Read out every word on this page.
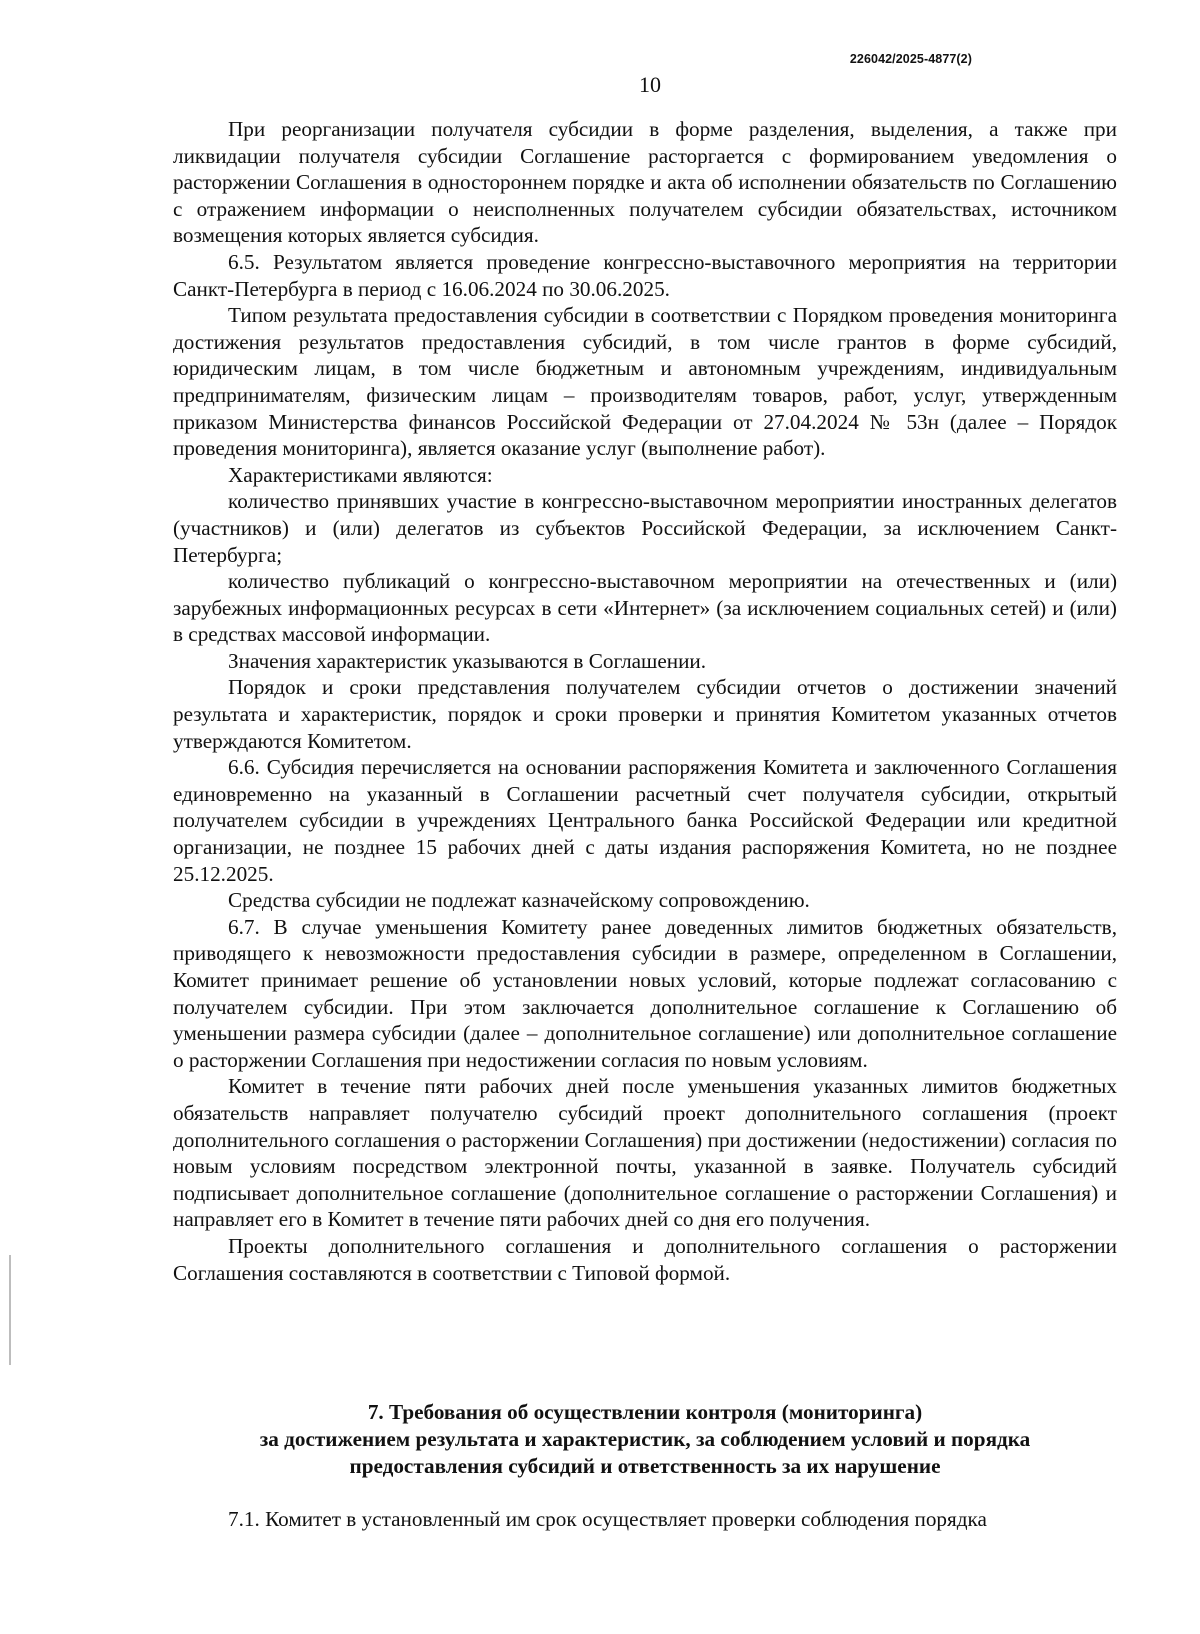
226042/2025-4877(2)
10

При реорганизации получателя субсидии в форме разделения, выделения, а также при ликвидации получателя субсидии Соглашение расторгается с формированием уведомления о расторжении Соглашения в одностороннем порядке и акта об исполнении обязательств по Соглашению с отражением информации о неисполненных получателем субсидии обязательствах, источником возмещения которых является субсидия.

6.5. Результатом является проведение конгрессно-выставочного мероприятия на территории Санкт-Петербурга в период с 16.06.2024 по 30.06.2025.

Типом результата предоставления субсидии в соответствии с Порядком проведения мониторинга достижения результатов предоставления субсидий, в том числе грантов в форме субсидий, юридическим лицам, в том числе бюджетным и автономным учреждениям, индивидуальным предпринимателям, физическим лицам – производителям товаров, работ, услуг, утвержденным приказом Министерства финансов Российской Федерации от 27.04.2024 № 53н (далее – Порядок проведения мониторинга), является оказание услуг (выполнение работ).

Характеристиками являются:

количество принявших участие в конгрессно-выставочном мероприятии иностранных делегатов (участников) и (или) делегатов из субъектов Российской Федерации, за исключением Санкт-Петербурга;

количество публикаций о конгрессно-выставочном мероприятии на отечественных и (или) зарубежных информационных ресурсах в сети «Интернет» (за исключением социальных сетей) и (или) в средствах массовой информации.

Значения характеристик указываются в Соглашении.

Порядок и сроки представления получателем субсидии отчетов о достижении значений результата и характеристик, порядок и сроки проверки и принятия Комитетом указанных отчетов утверждаются Комитетом.

6.6. Субсидия перечисляется на основании распоряжения Комитета и заключенного Соглашения единовременно на указанный в Соглашении расчетный счет получателя субсидии, открытый получателем субсидии в учреждениях Центрального банка Российской Федерации или кредитной организации, не позднее 15 рабочих дней с даты издания распоряжения Комитета, но не позднее 25.12.2025.

Средства субсидии не подлежат казначейскому сопровождению.

6.7. В случае уменьшения Комитету ранее доведенных лимитов бюджетных обязательств, приводящего к невозможности предоставления субсидии в размере, определенном в Соглашении, Комитет принимает решение об установлении новых условий, которые подлежат согласованию с получателем субсидии. При этом заключается дополнительное соглашение к Соглашению об уменьшении размера субсидии (далее – дополнительное соглашение) или дополнительное соглашение о расторжении Соглашения при недостижении согласия по новым условиям.

Комитет в течение пяти рабочих дней после уменьшения указанных лимитов бюджетных обязательств направляет получателю субсидий проект дополнительного соглашения (проект дополнительного соглашения о расторжении Соглашения) при достижении (недостижении) согласия по новым условиям посредством электронной почты, указанной в заявке. Получатель субсидий подписывает дополнительное соглашение (дополнительное соглашение о расторжении Соглашения) и направляет его в Комитет в течение пяти рабочих дней со дня его получения.

Проекты дополнительного соглашения и дополнительного соглашения о расторжении Соглашения составляются в соответствии с Типовой формой.

7. Требования об осуществлении контроля (мониторинга)
за достижением результата и характеристик, за соблюдением условий и порядка
предоставления субсидий и ответственность за их нарушение

7.1. Комитет в установленный им срок осуществляет проверки соблюдения порядка
